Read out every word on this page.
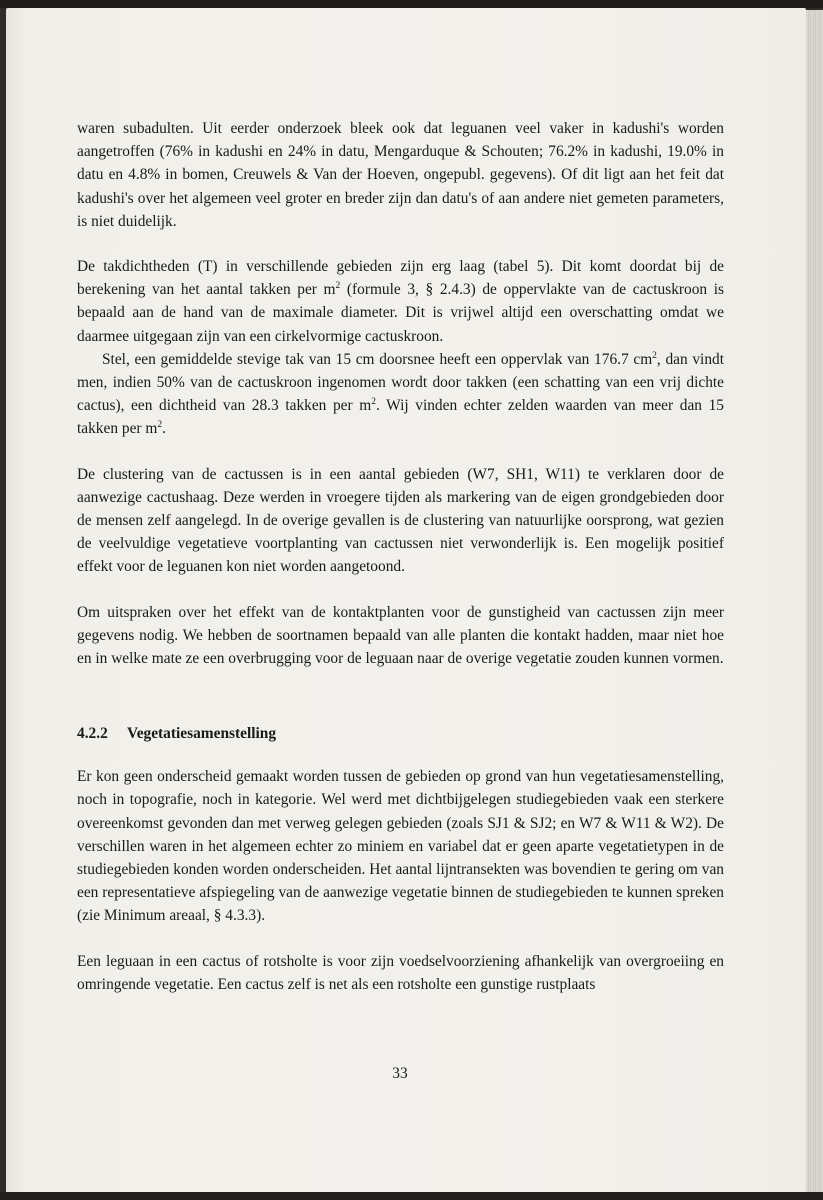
waren subadulten. Uit eerder onderzoek bleek ook dat leguanen veel vaker in kadushi's worden aangetroffen (76% in kadushi en 24% in datu, Mengarduque & Schouten; 76.2% in kadushi, 19.0% in datu en 4.8% in bomen, Creuwels & Van der Hoeven, ongepubl. gegevens). Of dit ligt aan het feit dat kadushi's over het algemeen veel groter en breder zijn dan datu's of aan andere niet gemeten parameters, is niet duidelijk.

De takdichtheden (T) in verschillende gebieden zijn erg laag (tabel 5). Dit komt doordat bij de berekening van het aantal takken per $m^2$ (formule 3, § 2.4.3) de oppervlakte van de cactuskroon is bepaald aan de hand van de maximale diameter. Dit is vrijwel altijd een overschatting omdat we daarmee uitgegaan zijn van een cirkelvormige cactuskroon.

Stel, een gemiddelde stevige tak van 15 cm doorsnee heeft een oppervlak van 176.7 $cm^2$, dan vindt men, indien 50% van de cactuskroon ingenomen wordt door takken (een schatting van een vrij dichte cactus), een dichtheid van 28.3 takken per $m^2$. Wij vinden echter zelden waarden van meer dan 15 takken per $m^2$.

De clustering van de cactussen is in een aantal gebieden (W7, SH1, W11) te verklaren door de aanwezige cactushaag. Deze werden in vroegere tijden als markering van de eigen grondgebieden door de mensen zelf aangelegd. In de overige gevallen is de clustering van natuurlijke oorsprong, wat gezien de veelvuldige vegetatieve voortplanting van cactussen niet verwonderlijk is. Een mogelijk positief effekt voor de leguanen kon niet worden aangetoond.

Om uitspraken over het effekt van de kontaktplanten voor de gunstigheid van cactussen zijn meer gegevens nodig. We hebben de soortnamen bepaald van alle planten die kontakt hadden, maar niet hoe en in welke mate ze een overbrugging voor de leguaan naar de overige vegetatie zouden kunnen vormen.

4.2.2 Vegetatiesamenstelling

Er kon geen onderscheid gemaakt worden tussen de gebieden op grond van hun vegetatiesamenstelling, noch in topografie, noch in kategorie. Wel werd met dichtbijgelegen studiegebieden vaak een sterkere overeenkomst gevonden dan met verweg gelegen gebieden (zoals SJ1 & SJ2; en W7 & W11 & W2). De verschillen waren in het algemeen echter zo miniem en variabel dat er geen aparte vegetatietypen in de studiegebieden konden worden onderscheiden. Het aantal lijntransekten was bovendien te gering om van een representatieve afspiegeling van de aanwezige vegetatie binnen de studiegebieden te kunnen spreken (zie Minimum areaal, § 4.3.3).

Een leguaan in een cactus of rotsholte is voor zijn voedselvoorziening afhankelijk van overgroeiing en omringende vegetatie. Een cactus zelf is net als een rotsholte een gunstige rustplaats

33
